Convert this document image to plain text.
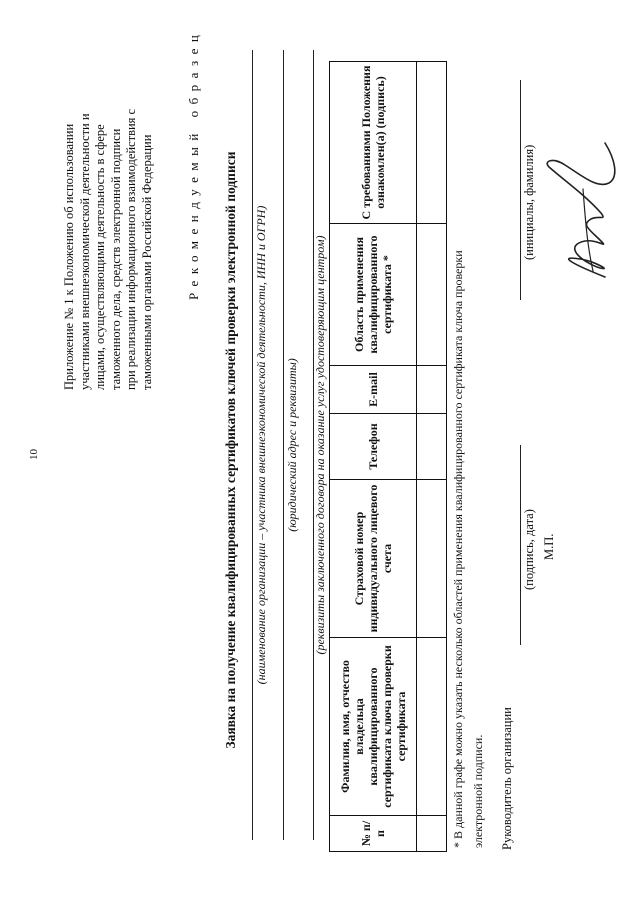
10
Приложение № 1 к Положению об использовании участниками внешнеэкономической деятельности и лицами, осуществляющими деятельность в сфере таможенного дела, средств электронной подписи при реализации информационного взаимодействия с таможенными органами Российской Федерации	Рекомендуемый образец Заявка на получение квалифицированных сертификатов ключей проверки электронной подписи (наименование организации – участника внешнеэкономической деятельности, ИНН и ОГРН) (юридический адрес и реквизиты) (реквизиты заключенного договора на оказание услуг удостоверяющим центром)
№ п/п	Фамилия, имя, отчество владельца квалифицированного сертификата ключа проверки сертификата	Страховой номер индивидуального лицевого счета	Телефон	E-mail	Область применения квалифицированного сертификата *	С требованиями Положения ознакомлен(а) (подпись)

* В данной графе можно указать несколько областей применения квалифицированного сертификата ключа проверки электронной подписи. Руководитель организации
(подпись, дата)
(инициалы, фамилия)
М.П.
